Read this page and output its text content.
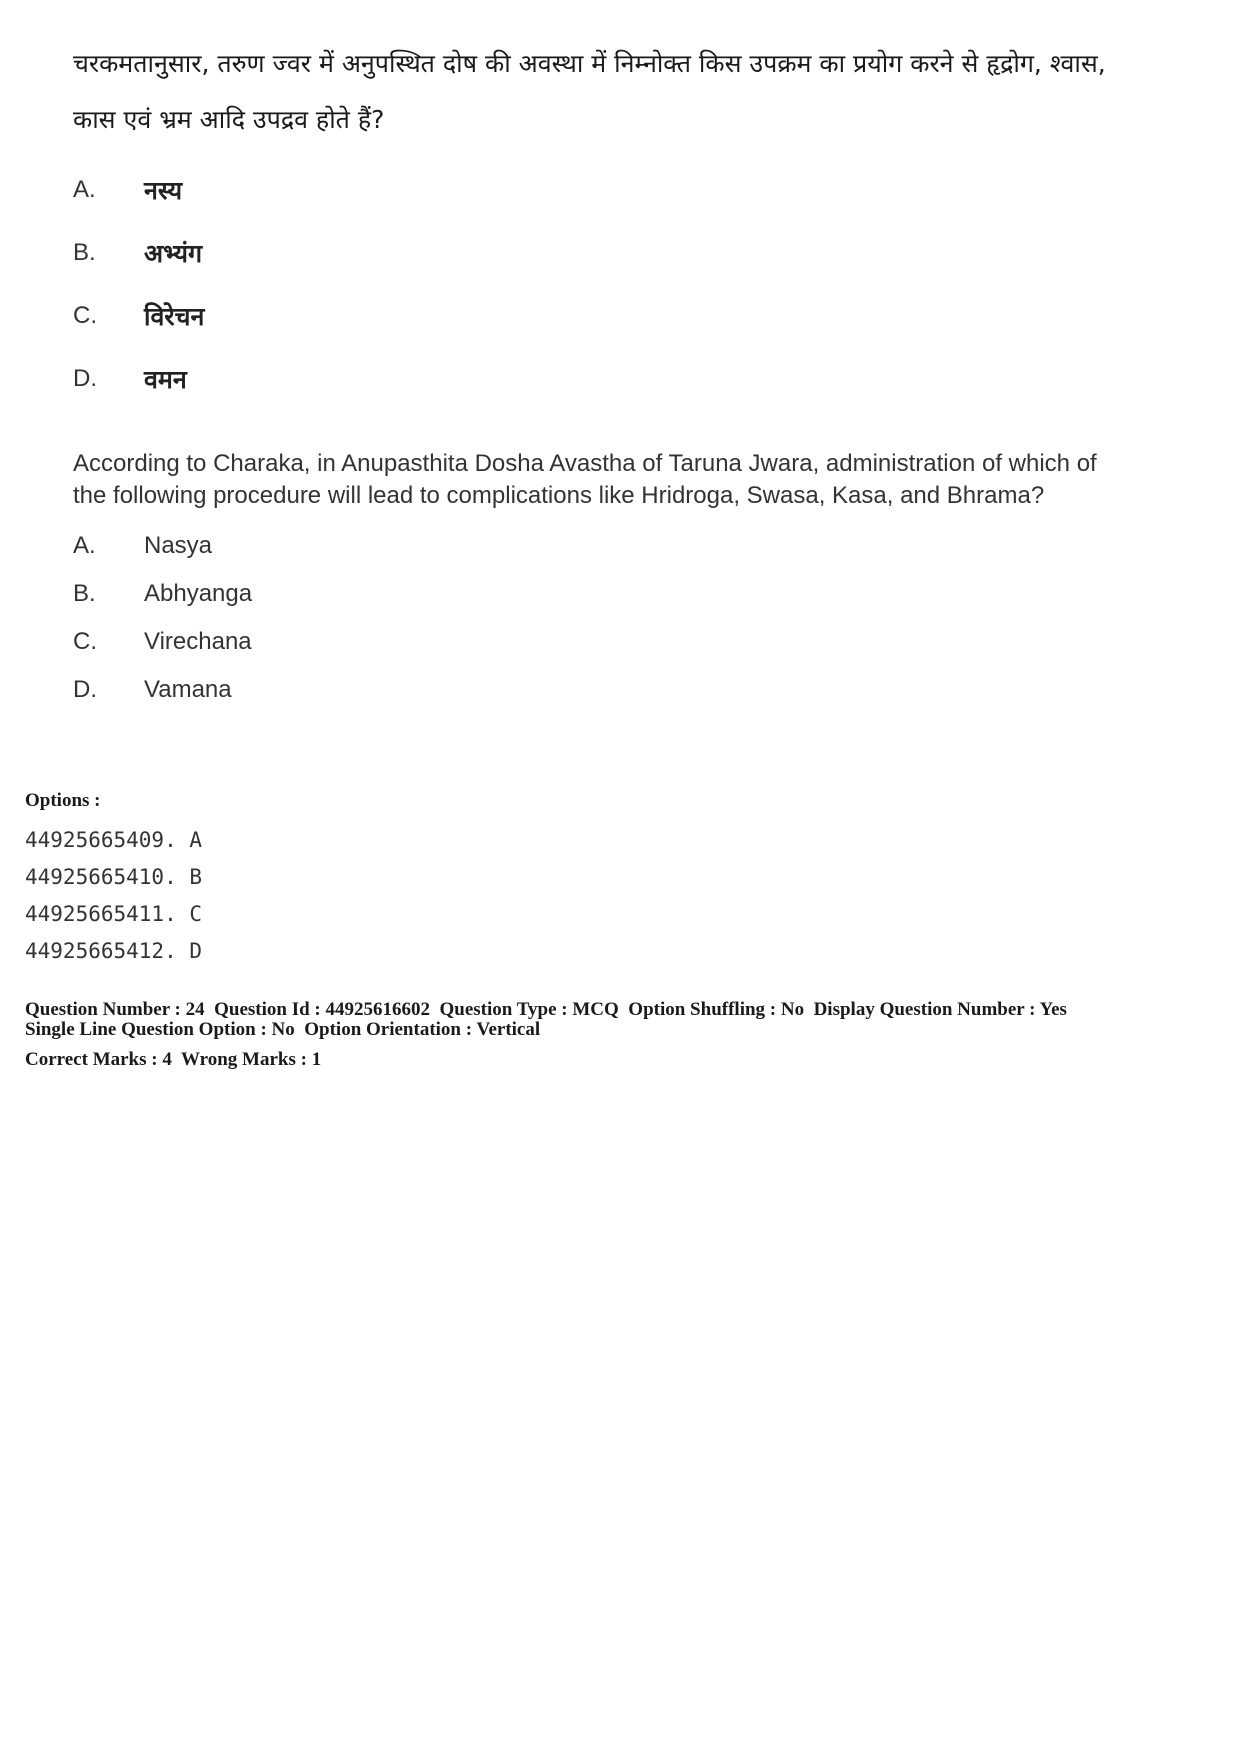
चरकमतानुसार, तरुण ज्वर में अनुपस्थित दोष की अवस्था में निम्नोक्त किस उपक्रम का प्रयोग करने से हृद्रोग, श्वास, कास एवं भ्रम आदि उपद्रव होते हैं?

A.	नस्य
B.	अभ्यंग
C.	विरेचन
D.	वमन

According to Charaka, in Anupasthita Dosha Avastha of Taruna Jwara, administration of which of the following procedure will lead to complications like Hridroga, Swasa, Kasa, and Bhrama?

A.	Nasya
B.	Abhyanga
C.	Virechana
D.	Vamana

Options :

44925665409. A
44925665410. B
44925665411. C
44925665412. D
Question Number : 24  Question Id : 44925616602  Question Type : MCQ  Option Shuffling : No  Display Question Number : Yes
Single Line Question Option : No  Option Orientation : Vertical
Correct Marks : 4  Wrong Marks : 1
